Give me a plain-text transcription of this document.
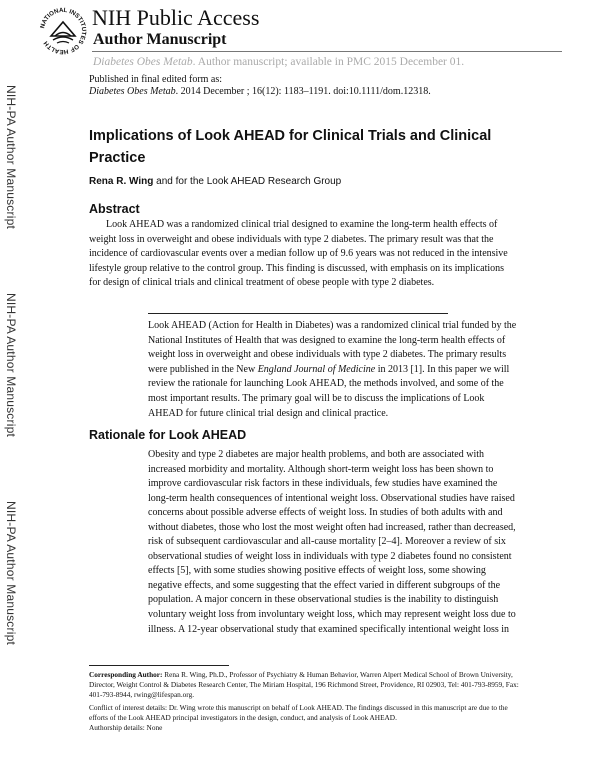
NATIONAL INSTITUTES OF HEALTH
NIH Public Access
Author Manuscript
Diabetes Obes Metab. Author manuscript; available in PMC 2015 December 01.
Published in final edited form as:
Diabetes Obes Metab. 2014 December ; 16(12): 1183–1191. doi:10.1111/dom.12318.
NIH-PA Author Manuscript
NIH-PA Author Manuscript
NIH-PA Author Manuscript
Implications of Look AHEAD for Clinical Trials and Clinical Practice
Rena R. Wing and for the Look AHEAD Research Group
Abstract

Look AHEAD was a randomized clinical trial designed to examine the long-term health effects of weight loss in overweight and obese individuals with type 2 diabetes. The primary result was that the incidence of cardiovascular events over a median follow up of 9.6 years was not reduced in the intensive lifestyle group relative to the control group. This finding is discussed, with emphasis on its implications for design of clinical trials and clinical treatment of obese people with type 2 diabetes.

Look AHEAD (Action for Health in Diabetes) was a randomized clinical trial funded by the National Institutes of Health that was designed to examine the long-term health effects of weight loss in overweight and obese individuals with type 2 diabetes. The primary results were published in the New England Journal of Medicine in 2013 [1]. In this paper we will review the rationale for launching Look AHEAD, the methods involved, and some of the most important results. The primary goal will be to discuss the implications of Look AHEAD for future clinical trial design and clinical practice.

Rationale for Look AHEAD

Obesity and type 2 diabetes are major health problems, and both are associated with increased morbidity and mortality. Although short-term weight loss has been shown to improve cardiovascular risk factors in these individuals, few studies have examined the long-term health consequences of intentional weight loss. Observational studies have raised concerns about possible adverse effects of weight loss. In studies of both adults with and without diabetes, those who lost the most weight often had increased, rather than decreased, risk of subsequent cardiovascular and all-cause mortality [2–4]. Moreover a review of six observational studies of weight loss in individuals with type 2 diabetes found no consistent effects [5], with some studies showing positive effects of weight loss, some showing negative effects, and some suggesting that the effect varied in different subgroups of the population. A major concern in these observational studies is the inability to distinguish voluntary weight loss from involuntary weight loss, which may represent weight loss due to illness. A 12-year observational study that examined specifically intentional weight loss in

Corresponding Author: Rena R. Wing, Ph.D., Professor of Psychiatry & Human Behavior, Warren Alpert Medical School of Brown University, Director, Weight Control & Diabetes Research Center, The Miriam Hospital, 196 Richmond Street, Providence, RI 02903, Tel: 401-793-8959, Fax: 401-793-8944, rwing@lifespan.org.

Conflict of interest details: Dr. Wing wrote this manuscript on behalf of Look AHEAD. The findings discussed in this manuscript are due to the efforts of the Look AHEAD principal investigators in the design, conduct, and analysis of Look AHEAD.
Authorship details: None
